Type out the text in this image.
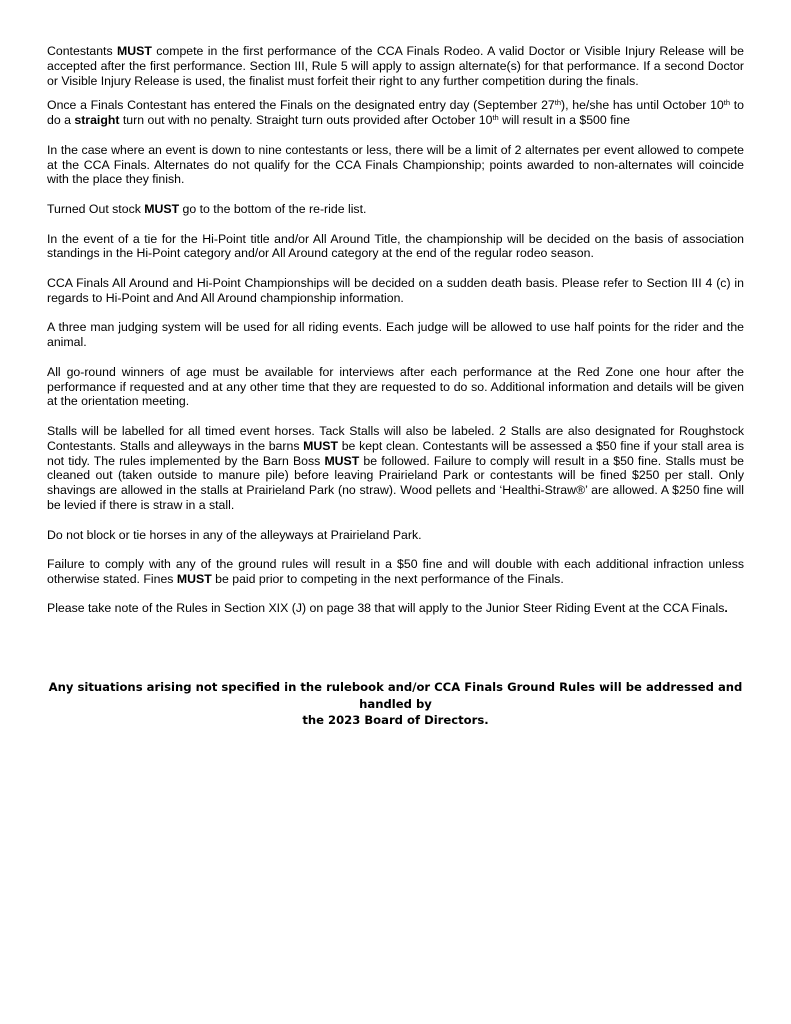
Contestants MUST compete in the first performance of the CCA Finals Rodeo. A valid Doctor or Visible Injury Release will be accepted after the first performance. Section III, Rule 5 will apply to assign alternate(s) for that performance. If a second Doctor or Visible Injury Release is used, the finalist must forfeit their right to any further competition during the finals.

Once a Finals Contestant has entered the Finals on the designated entry day (September 27th), he/she has until October 10th to do a straight turn out with no penalty. Straight turn outs provided after October 10th will result in a $500 fine

In the case where an event is down to nine contestants or less, there will be a limit of 2 alternates per event allowed to compete at the CCA Finals. Alternates do not qualify for the CCA Finals Championship; points awarded to non-alternates will coincide with the place they finish.

Turned Out stock MUST go to the bottom of the re-ride list.

In the event of a tie for the Hi-Point title and/or All Around Title, the championship will be decided on the basis of association standings in the Hi-Point category and/or All Around category at the end of the regular rodeo season.

CCA Finals All Around and Hi-Point Championships will be decided on a sudden death basis. Please refer to Section III 4 (c) in regards to Hi-Point and And All Around championship information.

A three man judging system will be used for all riding events. Each judge will be allowed to use half points for the rider and the animal.

All go-round winners of age must be available for interviews after each performance at the Red Zone one hour after the performance if requested and at any other time that they are requested to do so. Additional information and details will be given at the orientation meeting.

Stalls will be labelled for all timed event horses. Tack Stalls will also be labeled. 2 Stalls are also designated for Roughstock Contestants. Stalls and alleyways in the barns MUST be kept clean. Contestants will be assessed a $50 fine if your stall area is not tidy. The rules implemented by the Barn Boss MUST be followed. Failure to comply will result in a $50 fine. Stalls must be cleaned out (taken outside to manure pile) before leaving Prairieland Park or contestants will be fined $250 per stall. Only shavings are allowed in the stalls at Prairieland Park (no straw). Wood pellets and ‘Healthi-Straw®’ are allowed. A $250 fine will be levied if there is straw in a stall.

Do not block or tie horses in any of the alleyways at Prairieland Park.

Failure to comply with any of the ground rules will result in a $50 fine and will double with each additional infraction unless otherwise stated. Fines MUST be paid prior to competing in the next performance of the Finals.

Please take note of the Rules in Section XIX (J) on page 38 that will apply to the Junior Steer Riding Event at the CCA Finals.

Any situations arising not specified in the rulebook and/or CCA Finals Ground Rules will be addressed and handled by
the 2023 Board of Directors.
